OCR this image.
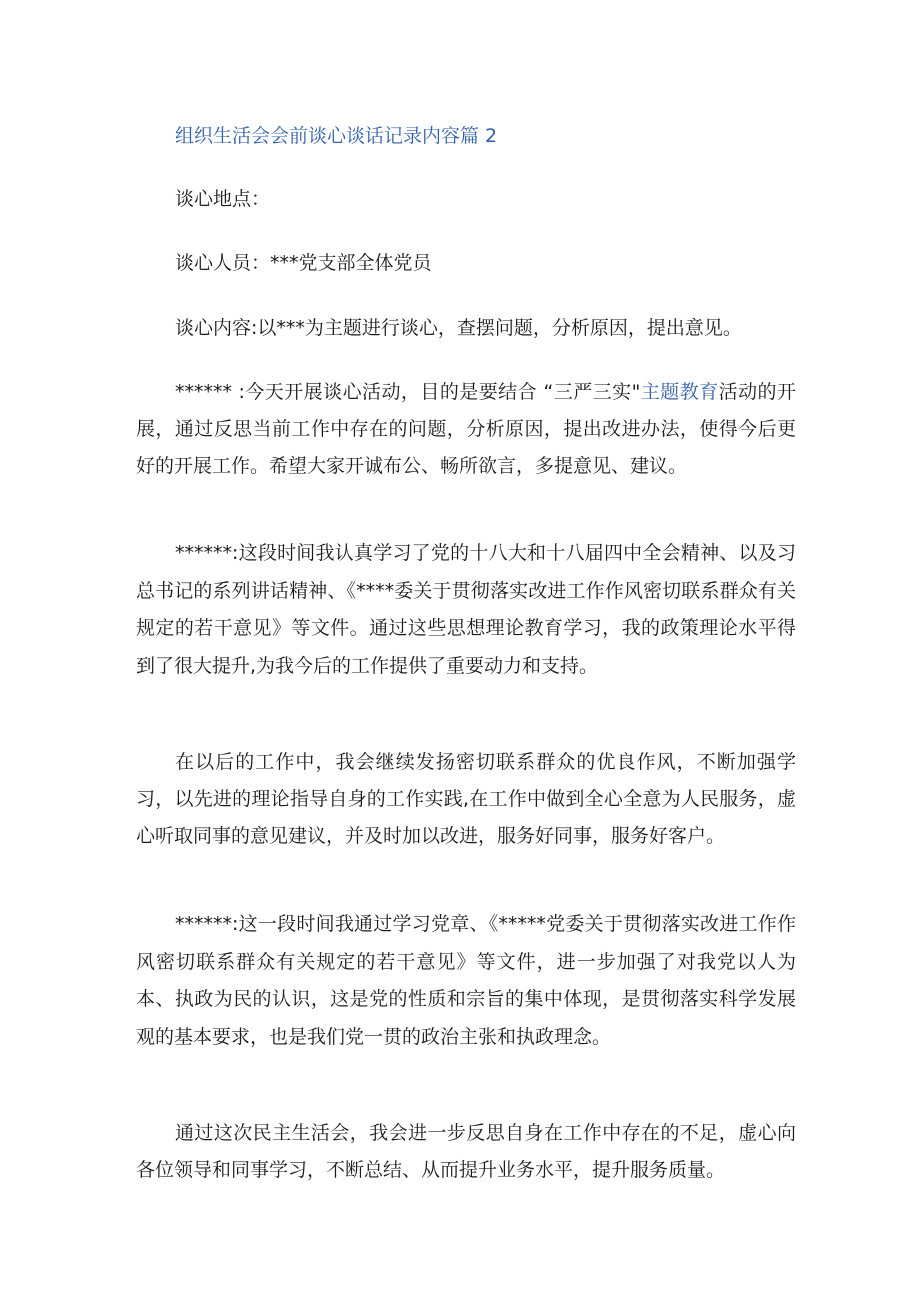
组织生活会会前谈心谈话记录内容篇 2
谈心地点：
谈心人员：***党支部全体党员
谈心内容:以***为主题进行谈心，查摆问题，分析原因，提出意见。

****** :今天开展谈心活动，目的是要结合 “三严三实"主题教育活动的开展，通过反思当前工作中存在的问题，分析原因，提出改进办法，使得今后更好的开展工作。希望大家开诚布公、畅所欲言，多提意见、建议。

******:这段时间我认真学习了党的十八大和十八届四中全会精神、以及习总书记的系列讲话精神、《****委关于贯彻落实改进工作作风密切联系群众有关规定的若干意见》等文件。通过这些思想理论教育学习，我的政策理论水平得到了很大提升,为我今后的工作提供了重要动力和支持。

在以后的工作中，我会继续发扬密切联系群众的优良作风，不断加强学习，以先进的理论指导自身的工作实践,在工作中做到全心全意为人民服务，虚心听取同事的意见建议，并及时加以改进，服务好同事，服务好客户。

******:这一段时间我通过学习党章、《*****党委关于贯彻落实改进工作作风密切联系群众有关规定的若干意见》等文件，进一步加强了对我党以人为本、执政为民的认识，这是党的性质和宗旨的集中体现，是贯彻落实科学发展观的基本要求，也是我们党一贯的政治主张和执政理念。

通过这次民主生活会，我会进一步反思自身在工作中存在的不足，虚心向各位领导和同事学习，不断总结、从而提升业务水平，提升服务质量。
